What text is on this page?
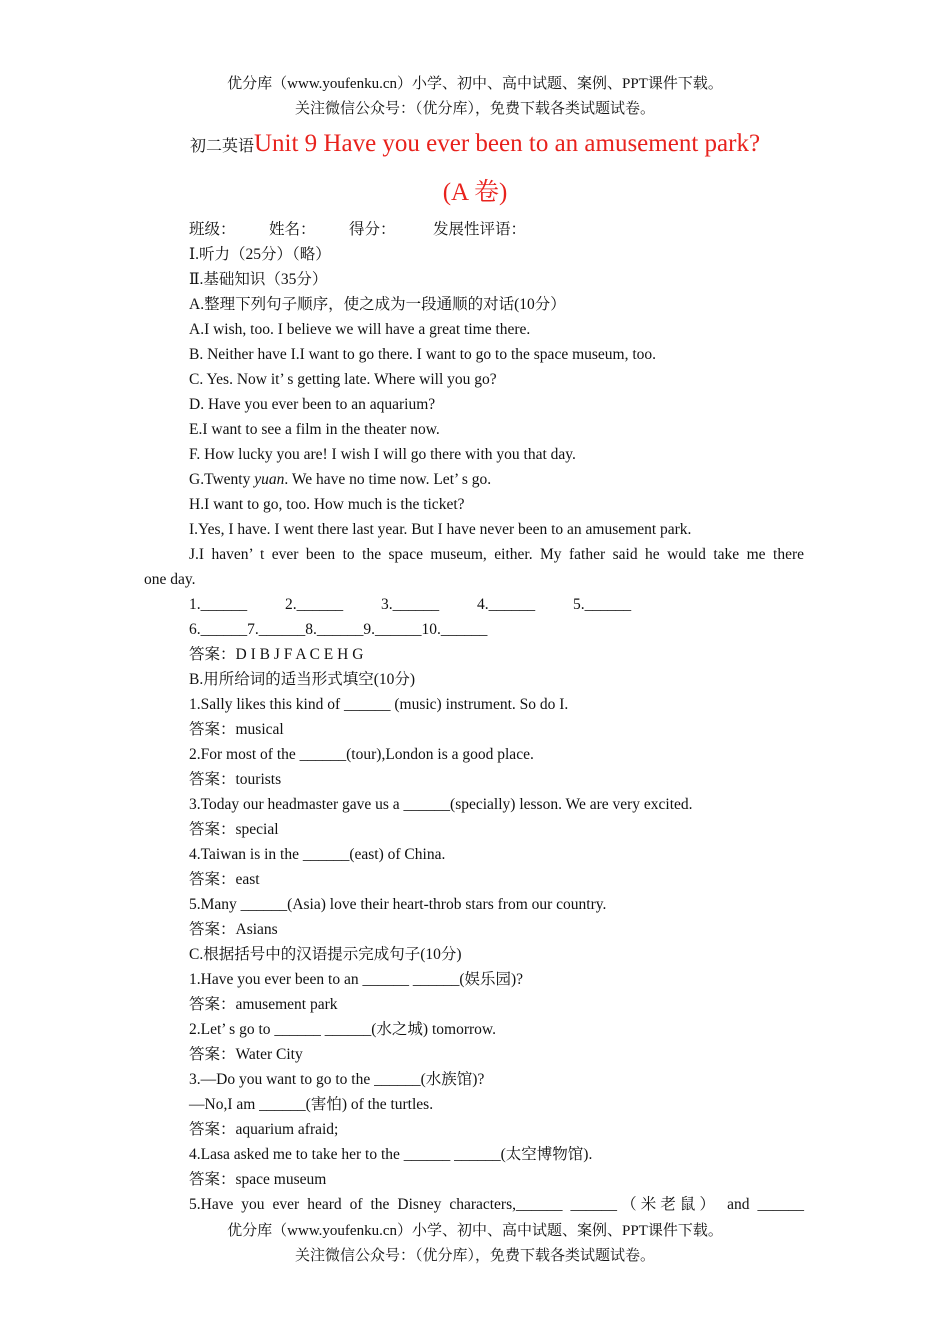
优分库（www.youfenku.cn）小学、初中、高中试题、案例、PPT课件下载。
关注微信公众号：（优分库），免费下载各类试题试卷。
初二英语Unit 9 Have you ever been to an amusement park?
(A 卷)
班级： 姓名： 得分： 发展性评语：
Ⅰ.听力（25分）（略）
Ⅱ.基础知识（35分）
A.整理下列句子顺序，使之成为一段通顺的对话(10分）
A.I wish, too. I believe we will have a great time there.
B. Neither have I.I want to go there. I want to go to the space museum, too.
C. Yes. Now it’ s getting late. Where will you go?
D. Have you ever been to an aquarium?
E.I want to see a film in the theater now.
F. How lucky you are! I wish I will go there with you that day.
G.Twenty yuan. We have no time now. Let’ s go.
H.I want to go, too. How much is the ticket?
I.Yes, I have. I went there last year. But I have never been to an amusement park.
J.I haven’ t ever been to the space museum, either. My father said he would take me there
one day.
1.______ 2.______ 3.______ 4.______ 5.______
6.______7.______8.______9.______10.______
答案：D I B J F A C E H G
B.用所给词的适当形式填空(10分)
1.Sally likes this kind of ______ (music) instrument. So do I.
答案：musical
2.For most of the ______(tour),London is a good place.
答案：tourists
3.Today our headmaster gave us a ______(specially) lesson. We are very excited.
答案：special
4.Taiwan is in the ______(east) of China.
答案：east
5.Many ______(Asia) love their heart-throb stars from our country.
答案：Asians
C.根据括号中的汉语提示完成句子(10分)
1.Have you ever been to an ______ ______(娱乐园)?
答案：amusement park
2.Let’ s go to ______ ______(水之城) tomorrow.
答案：Water City
3.—Do you want to go to the ______(水族馆)?
—No,I am ______(害怕) of the turtles.
答案：aquarium afraid;
4.Lasa asked me to take her to the ______ ______(太空博物馆).
答案：space museum
5.Have you ever heard of the Disney characters,______ ______（米老鼠） and ______
优分库（www.youfenku.cn）小学、初中、高中试题、案例、PPT课件下载。
关注微信公众号：（优分库），免费下载各类试题试卷。
